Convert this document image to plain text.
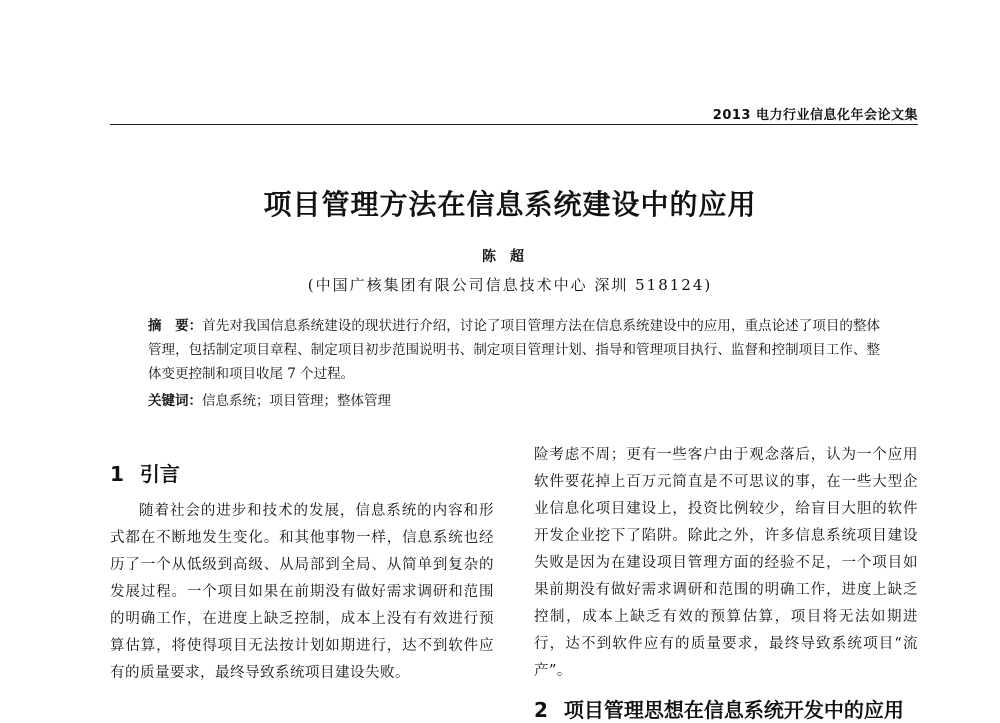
2013 电力行业信息化年会论文集
项目管理方法在信息系统建设中的应用
陈超
(中国广核集团有限公司信息技术中心 深圳 518124)
摘　要：首先对我国信息系统建设的现状进行介绍，讨论了项目管理方法在信息系统建设中的应用，重点论述了项目的整体管理，包括制定项目章程、制定项目初步范围说明书、制定项目管理计划、指导和管理项目执行、监督和控制项目工作、整体变更控制和项目收尾 7 个过程。
关键词：信息系统；项目管理；整体管理
1 引言
随着社会的进步和技术的发展，信息系统的内容和形式都在不断地发生变化。和其他事物一样，信息系统也经历了一个从低级到高级、从局部到全局、从简单到复杂的发展过程。一个项目如果在前期没有做好需求调研和范围的明确工作，在进度上缺乏控制，成本上没有有效进行预算估算，将使得项目无法按计划如期进行，达不到软件应有的质量要求，最终导致系统项目建设失败。
险考虑不周；更有一些客户由于观念落后，认为一个应用软件要花掉上百万元简直是不可思议的事，在一些大型企业信息化项目建设上，投资比例较少，给盲目大胆的软件开发企业挖下了陷阱。除此之外，许多信息系统项目建设失败是因为在建设项目管理方面的经验不足，一个项目如果前期没有做好需求调研和范围的明确工作，进度上缺乏控制，成本上缺乏有效的预算估算，项目将无法如期进行，达不到软件应有的质量要求，最终导致系统项目“流产”。
2 项目管理思想在信息系统开发中的应用
